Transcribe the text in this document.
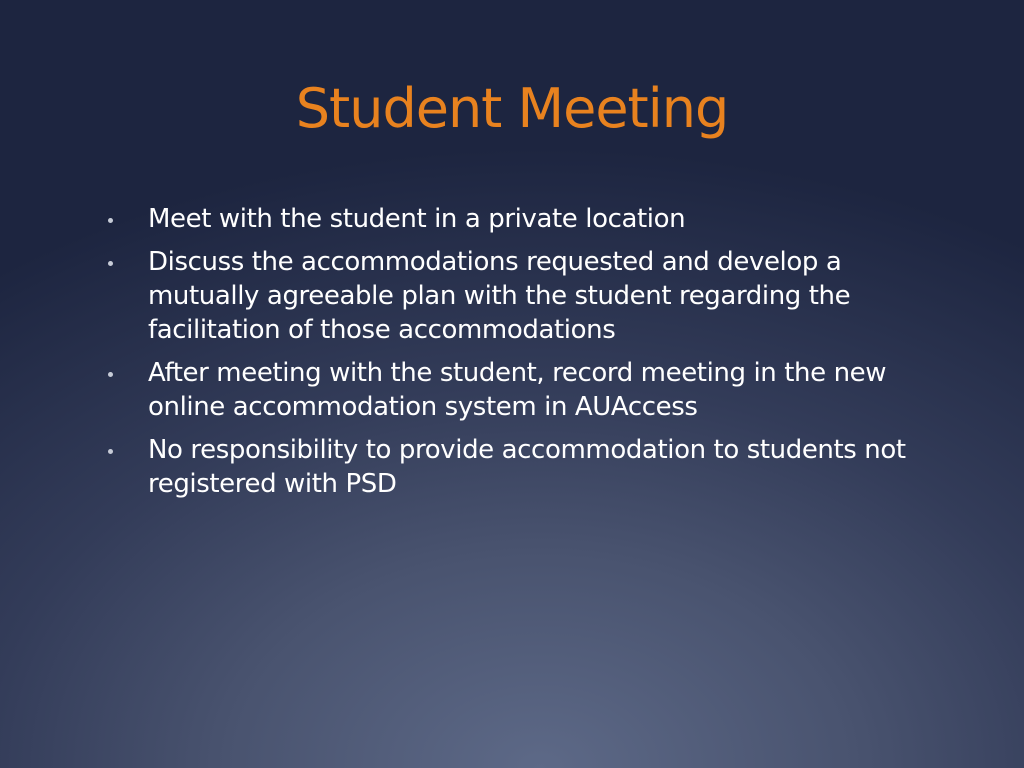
Student Meeting
Meet with the student in a private location
Discuss the accommodations requested and develop a mutually agreeable plan with the student regarding the facilitation of those accommodations
After meeting with the student, record meeting in the new online accommodation system in AUAccess
No responsibility to provide accommodation to students not registered with PSD
